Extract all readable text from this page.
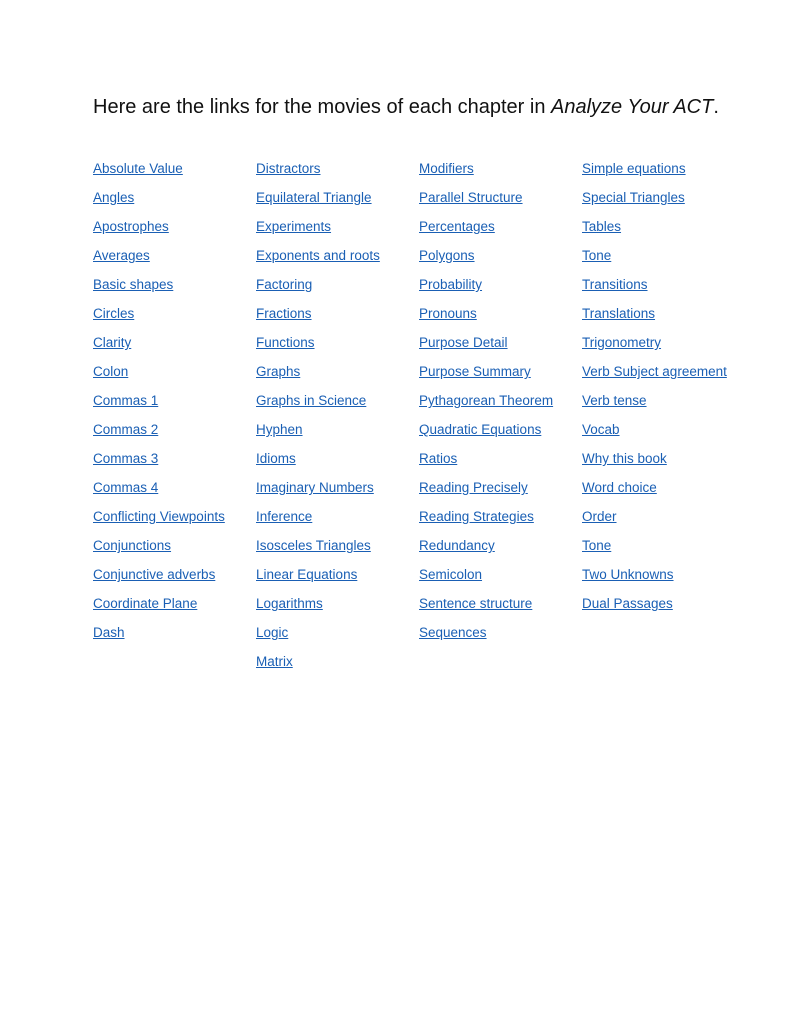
Here are the links for the movies of each chapter in Analyze Your ACT.
Absolute Value
Angles
Apostrophes
Averages
Basic shapes
Circles
Clarity
Colon
Commas 1
Commas 2
Commas 3
Commas 4
Conflicting Viewpoints
Conjunctions
Conjunctive adverbs
Coordinate Plane
Dash
Distractors
Equilateral Triangle
Experiments
Exponents and roots
Factoring
Fractions
Functions
Graphs
Graphs in Science
Hyphen
Idioms
Imaginary Numbers
Inference
Isosceles Triangles
Linear Equations
Logarithms
Logic
Matrix
Modifiers
Parallel Structure
Percentages
Polygons
Probability
Pronouns
Purpose Detail
Purpose Summary
Pythagorean Theorem
Quadratic Equations
Ratios
Reading Precisely
Reading Strategies
Redundancy
Semicolon
Sentence structure
Sequences
Simple equations
Special Triangles
Tables
Tone
Transitions
Translations
Trigonometry
Verb Subject agreement
Verb tense
Vocab
Why this book
Word choice
Order
Tone
Two Unknowns
Dual Passages
